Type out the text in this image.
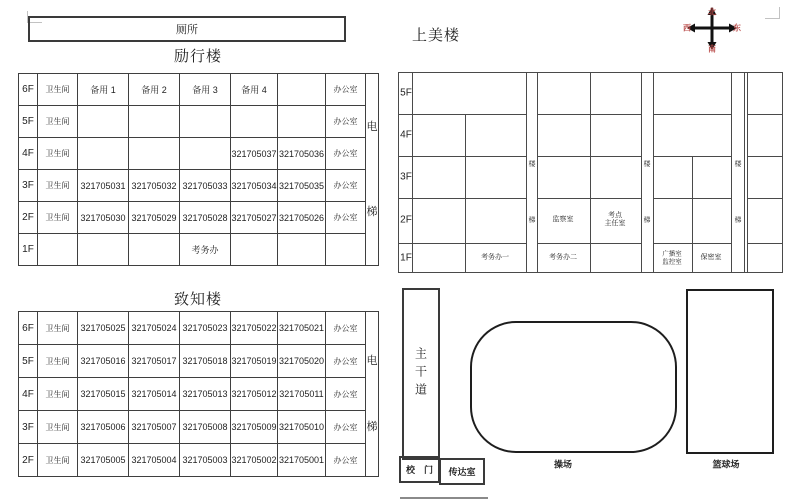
厕所
励行楼
6F	卫生间	备用 1	备用 2	备用 3	备用 4		办公室	电
梯

5F	卫生间						办公室	
4F	卫生间				321705037	321705036	办公室	
3F	卫生间	321705031	321705032	321705033	321705034	321705035	办公室	
2F	卫生间	321705030	321705029	321705028	321705027	321705026	办公室	
1F				考务办				
致知楼
6F	卫生间	321705025	321705024	321705023	321705022	321705021	办公室	电
梯

5F	卫生间	321705016	321705017	321705018	321705019	321705020	办公室	
4F	卫生间	321705015	321705014	321705013	321705012	321705011	办公室	
3F	卫生间	321705006	321705007	321705008	321705009	321705010	办公室	
2F	卫生间	321705005	321705004	321705003	321705002	321705001	办公室	
上美楼
北
南
西	东
5F
4F
3F
2F
1F
楼	楼	楼
梯	梯	梯
监察室
考点
主任室
考务办一	考务办二	广播室
监控室
保密室
主干道
校　门 传达室
操场	篮球场
